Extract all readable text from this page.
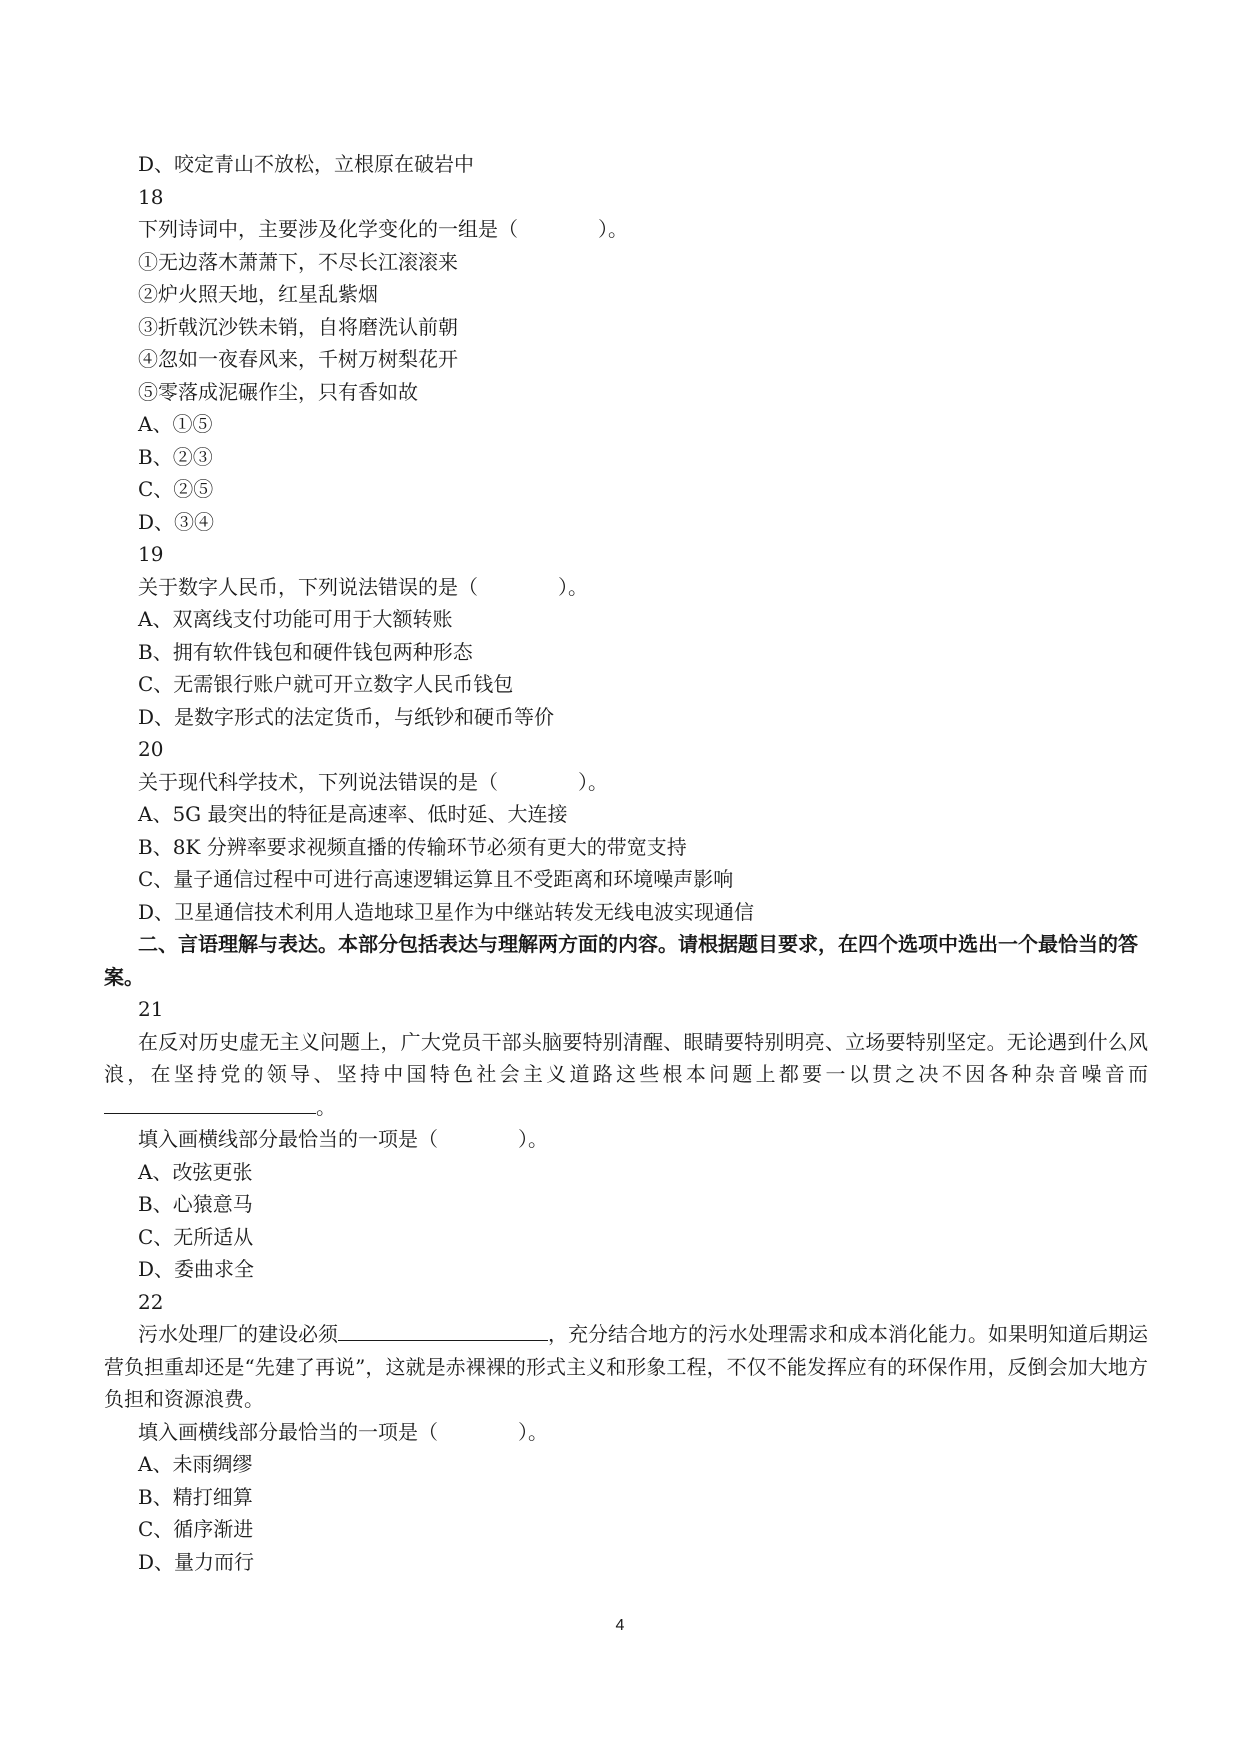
D、咬定青山不放松，立根原在破岩中
18
下列诗词中，主要涉及化学变化的一组是（　　　　）。
①无边落木萧萧下，不尽长江滚滚来
②炉火照天地，红星乱紫烟
③折戟沉沙铁未销，自将磨洗认前朝
④忽如一夜春风来，千树万树梨花开
⑤零落成泥碾作尘，只有香如故
A、①⑤
B、②③
C、②⑤
D、③④
19
关于数字人民币，下列说法错误的是（　　　　）。
A、双离线支付功能可用于大额转账
B、拥有软件钱包和硬件钱包两种形态
C、无需银行账户就可开立数字人民币钱包
D、是数字形式的法定货币，与纸钞和硬币等价
20
关于现代科学技术，下列说法错误的是（　　　　）。
A、5G 最突出的特征是高速率、低时延、大连接
B、8K 分辨率要求视频直播的传输环节必须有更大的带宽支持
C、量子通信过程中可进行高速逻辑运算且不受距离和环境噪声影响
D、卫星通信技术利用人造地球卫星作为中继站转发无线电波实现通信

二、言语理解与表达。本部分包括表达与理解两方面的内容。请根据题目要求，在四个选项中选出一个最恰当的答案。

21

在反对历史虚无主义问题上，广大党员干部头脑要特别清醒、眼睛要特别明亮、立场要特别坚定。无论遇到什么风浪，在坚持党的领导、坚持中国特色社会主义道路这些根本问题上都要一以贯之决不因各种杂音噪音而。

填入画横线部分最恰当的一项是（　　　　）。
A、改弦更张
B、心猿意马
C、无所适从
D、委曲求全
22

污水处理厂的建设必须	，充分结合地方的污水处理需求和成本消化能力。如果明知道后期运营负担重却还是“先建了再说”，这就是赤裸裸的形式主义和形象工程，不仅不能发挥应有的环保作用，反倒会加大地方负担和资源浪费。

填入画横线部分最恰当的一项是（　　　　）。
A、未雨绸缪
B、精打细算
C、循序渐进
D、量力而行
4
